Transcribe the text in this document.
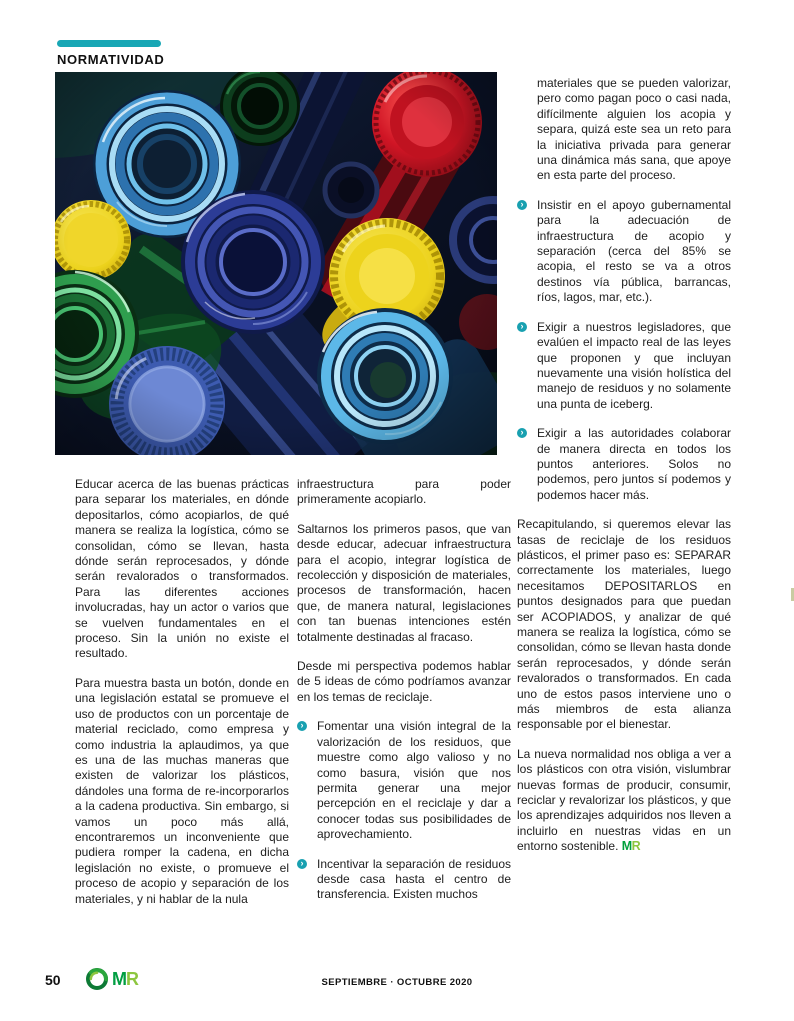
NORMATIVIDAD

Educar acerca de las buenas prácticas para separar los materiales, en dónde depositarlos, cómo acopiarlos, de qué manera se realiza la logística, cómo se consolidan, cómo se llevan, hasta dónde serán reprocesados, y dónde serán revalorados o transformados. Para las diferentes acciones involucradas, hay un actor o varios que se vuelven fundamentales en el proceso. Sin la unión no existe el resultado.

Para muestra basta un botón, donde en una legislación estatal se promueve el uso de productos con un porcentaje de material reciclado, como empresa y como industria la aplaudimos, ya que es una de las muchas maneras que existen de valorizar los plásticos, dándoles una forma de re-incorporarlos a la cadena productiva. Sin embargo, si vamos un poco más allá, encontraremos un inconveniente que pudiera romper la cadena, en dicha legislación no existe, o promueve el proceso de acopio y separación de los materiales, y ni hablar de la nula

infraestructura para poder primeramente acopiarlo.

Saltarnos los primeros pasos, que van desde educar, adecuar infraestructura para el acopio, integrar logística de recolección y disposición de materiales, procesos de transformación, hacen que, de manera natural, legislaciones con tan buenas intenciones estén totalmente destinadas al fracaso.

Desde mi perspectiva podemos hablar de 5 ideas de cómo podríamos avanzar en los temas de reciclaje.

› Fomentar una visión integral de la valorización de los residuos, que muestre como algo valioso y no como basura, visión que nos permita generar una mejor percepción en el reciclaje y dar a conocer todas sus posibilidades de aprovechamiento.
› Incentivar la separación de residuos desde casa hasta el centro de transferencia. Existen muchos

materiales que se pueden valorizar, pero como pagan poco o casi nada, difícilmente alguien los acopia y separa, quizá este sea un reto para la iniciativa privada para generar una dinámica más sana, que apoye en esta parte del proceso.

› Insistir en el apoyo gubernamental para la adecuación de infraestructura de acopio y separación (cerca del 85% se acopia, el resto se va a otros destinos vía pública, barrancas, ríos, lagos, mar, etc.).
› Exigir a nuestros legisladores, que evalúen el impacto real de las leyes que proponen y que incluyan nuevamente una visión holística del manejo de residuos y no solamente una punta de iceberg.
› Exigir a las autoridades colaborar de manera directa en todos los puntos anteriores. Solos no podemos, pero juntos sí podemos y podemos hacer más.

Recapitulando, si queremos elevar las tasas de reciclaje de los residuos plásticos, el primer paso es: SEPARAR correctamente los materiales, luego necesitamos DEPOSITARLOS en puntos designados para que puedan ser ACOPIADOS, y analizar de qué manera se realiza la logística, cómo se consolidan, cómo se llevan hasta donde serán reprocesados, y dónde serán revalorados o transformados. En cada uno de estos pasos interviene uno o más miembros de esta alianza responsable por el bienestar.

La nueva normalidad nos obliga a ver a los plásticos con otra visión, vislumbrar nuevas formas de producir, consumir, reciclar y revalorizar los plásticos, y que los aprendizajes adquiridos nos lleven a incluirlo en nuestras vidas en un entorno sostenible. MR

50	MR	SEPTIEMBRE · OCTUBRE 2020
